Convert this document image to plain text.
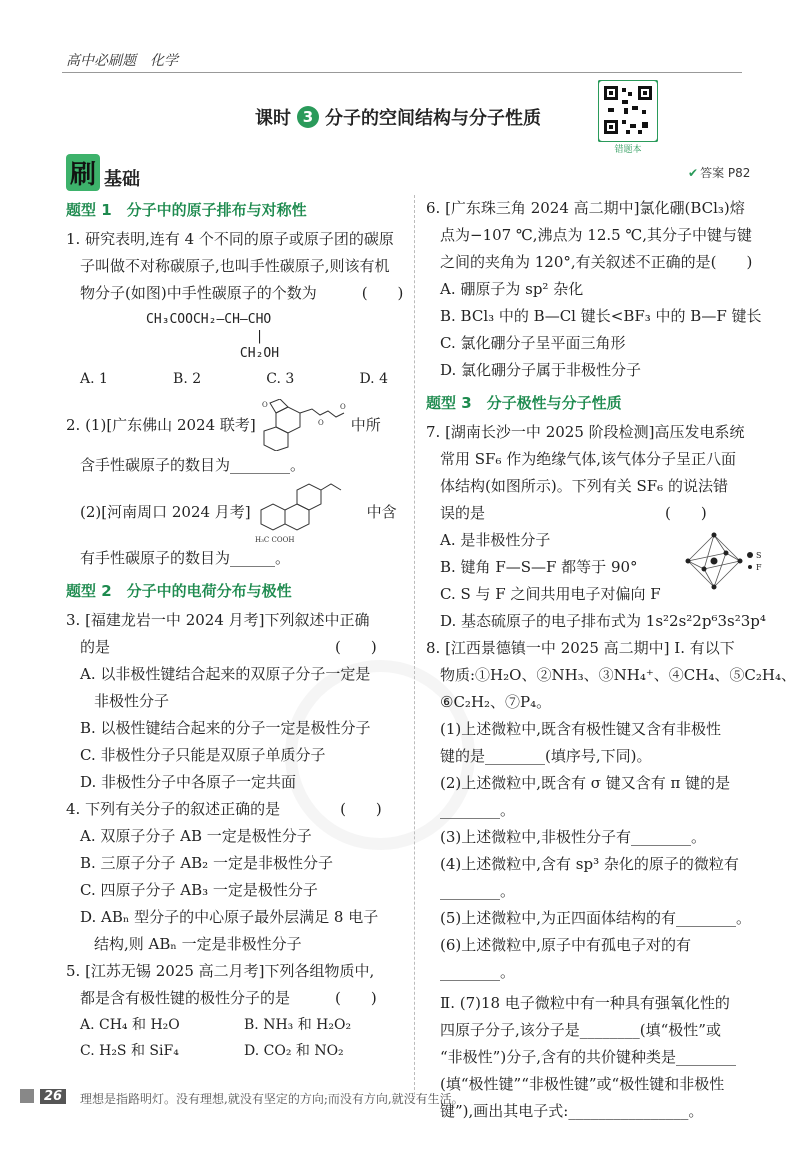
高中必刷题　化学
课时 3 分子的空间结构与分子性质
错题本
刷 基础	✔ 答案 P82
题型 1　分子中的原子排布与对称性
1. 研究表明,连有 4 个不同的原子或原子团的碳原
子叫做不对称碳原子,也叫手性碳原子,则该有机
物分子(如图)中手性碳原子的个数为　　　(　　)
CH₃COOCH₂—CH—CHO
|
CH₂OH
A. 1	B. 2	C. 3	D. 4
2. (1)[广东佛山 2024 联考]
O
O
O
中所
含手性碳原子的数目为________。
(2)[河南周口 2024 月考]
H₃C COOH
中含
有手性碳原子的数目为______。
题型 2　分子中的电荷分布与极性
3. [福建龙岩一中 2024 月考]下列叙述中正确
的是　　　　　　　　　　　　　　　(　　)
A. 以非极性键结合起来的双原子分子一定是
非极性分子
B. 以极性键结合起来的分子一定是极性分子
C. 非极性分子只能是双原子单质分子
D. 非极性分子中各原子一定共面
4. 下列有关分子的叙述正确的是　　　　(　　)
A. 双原子分子 AB 一定是极性分子
B. 三原子分子 AB₂ 一定是非极性分子
C. 四原子分子 AB₃ 一定是极性分子
D. ABₙ 型分子的中心原子最外层满足 8 电子
结构,则 ABₙ 一定是非极性分子
5. [江苏无锡 2025 高二月考]下列各组物质中,
都是含有极性键的极性分子的是　　　(　　)
A. CH₄ 和 H₂O	B. NH₃ 和 H₂O₂
C. H₂S 和 SiF₄	D. CO₂ 和 NO₂
6. [广东珠三角 2024 高二期中]氯化硼(BCl₃)熔
点为−107 ℃,沸点为 12.5 ℃,其分子中键与键
之间的夹角为 120°,有关叙述不正确的是(　　)
A. 硼原子为 sp² 杂化
B. BCl₃ 中的 B—Cl 键长<BF₃ 中的 B—F 键长
C. 氯化硼分子呈平面三角形
D. 氯化硼分子属于非极性分子
题型 3　分子极性与分子性质
7. [湖南长沙一中 2025 阶段检测]高压发电系统
常用 SF₆ 作为绝缘气体,该气体分子呈正八面
体结构(如图所示)。下列有关 SF₆ 的说法错
误的是　　　　　　　　　　　　(　　)
A. 是非极性分子
B. 键角 F—S—F 都等于 90°
C. S 与 F 之间共用电子对偏向 F
D. 基态硫原子的电子排布式为 1s²2s²2p⁶3s²3p⁴
S
F
8. [江西景德镇一中 2025 高二期中] Ⅰ. 有以下
物质:①H₂O、②NH₃、③NH₄⁺、④CH₄、⑤C₂H₄、
⑥C₂H₂、⑦P₄。
(1)上述微粒中,既含有极性键又含有非极性
键的是________(填序号,下同)。
(2)上述微粒中,既含有 σ 键又含有 π 键的是
________。
(3)上述微粒中,非极性分子有________。
(4)上述微粒中,含有 sp³ 杂化的原子的微粒有
________。
(5)上述微粒中,为正四面体结构的有________。
(6)上述微粒中,原子中有孤电子对的有
________。
Ⅱ. (7)18 电子微粒中有一种具有强氧化性的
四原子分子,该分子是________(填“极性”或
“非极性”)分子,含有的共价键种类是________
(填“极性键”“非极性键”或“极性键和非极性
键”),画出其电子式:________________。
26	理想是指路明灯。没有理想,就没有坚定的方向;而没有方向,就没有生活。
